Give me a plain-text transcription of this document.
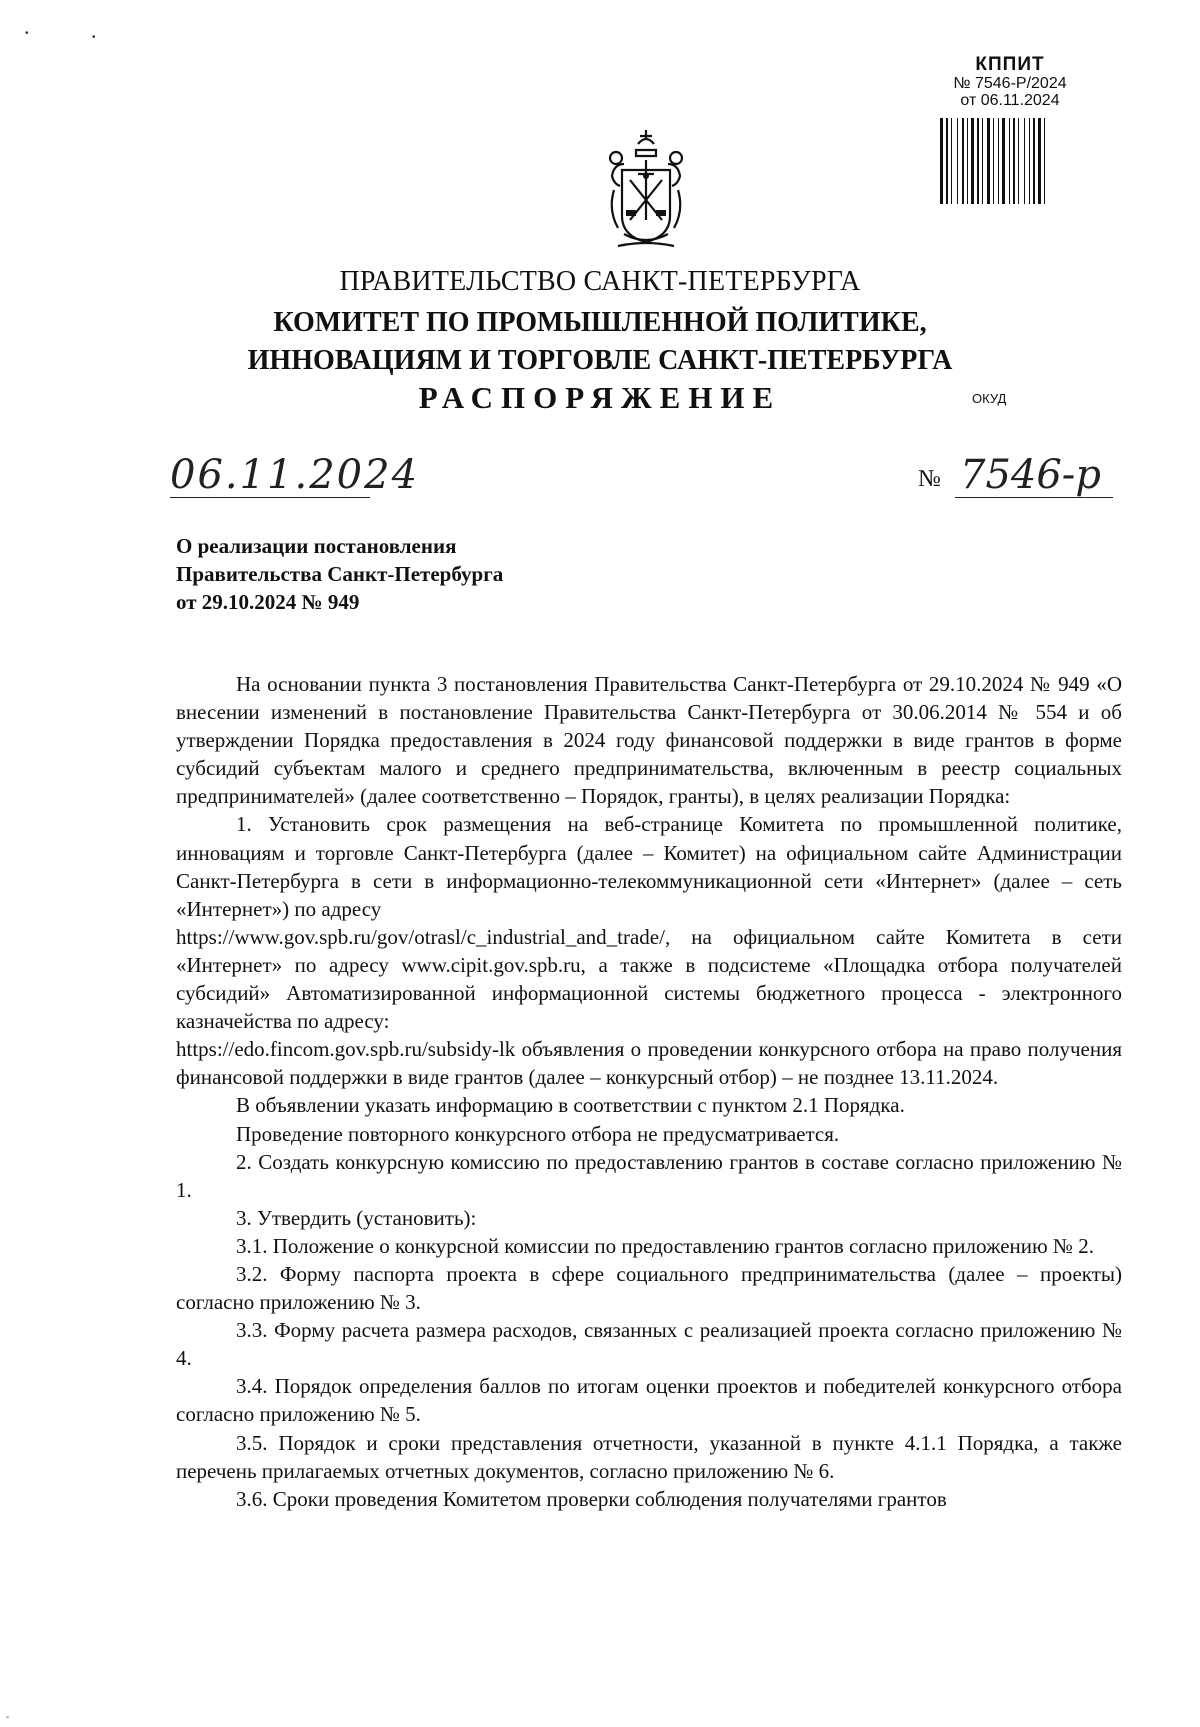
•	•
КППИТ
№ 7546-Р/2024
от 06.11.2024
ПРАВИТЕЛЬСТВО САНКТ-ПЕТЕРБУРГА
КОМИТЕТ ПО ПРОМЫШЛЕННОЙ ПОЛИТИКЕ,
ИННОВАЦИЯМ И ТОРГОВЛЕ САНКТ-ПЕТЕРБУРГА
РАСПОРЯЖЕНИЕ	ОКУД
06.11.2024	№ 7546-р
О реализации постановления
Правительства Санкт-Петербурга
от 29.10.2024 № 949

На основании пункта 3 постановления Правительства Санкт-Петербурга от 29.10.2024 № 949 «О внесении изменений в постановление Правительства Санкт-Петербурга от 30.06.2014 № 554 и об утверждении Порядка предоставления в 2024 году финансовой поддержки в виде грантов в форме субсидий субъектам малого и среднего предпринимательства, включенным в реестр социальных предпринимателей» (далее соответственно – Порядок, гранты), в целях реализации Порядка:

1. Установить срок размещения на веб-странице Комитета по промышленной политике, инновациям и торговле Санкт-Петербурга (далее – Комитет) на официальном сайте Администрации Санкт-Петербурга в сети в информационно-телекоммуникационной сети «Интернет» (далее – сеть «Интернет») по адресу

https://www.gov.spb.ru/gov/otrasl/c_industrial_and_trade/, на официальном сайте Комитета в сети «Интернет» по адресу www.cipit.gov.spb.ru, а также в подсистеме «Площадка отбора получателей субсидий» Автоматизированной информационной системы бюджетного процесса - электронного казначейства по адресу:

https://edo.fincom.gov.spb.ru/subsidy-lk объявления о проведении конкурсного отбора на право получения финансовой поддержки в виде грантов (далее – конкурсный отбор) – не позднее 13.11.2024.

В объявлении указать информацию в соответствии с пунктом 2.1 Порядка.

Проведение повторного конкурсного отбора не предусматривается.

2. Создать конкурсную комиссию по предоставлению грантов в составе согласно приложению № 1.

3. Утвердить (установить):

3.1. Положение о конкурсной комиссии по предоставлению грантов согласно приложению № 2.

3.2. Форму паспорта проекта в сфере социального предпринимательства (далее – проекты) согласно приложению № 3.

3.3. Форму расчета размера расходов, связанных с реализацией проекта согласно приложению № 4.

3.4. Порядок определения баллов по итогам оценки проектов и победителей конкурсного отбора согласно приложению № 5.

3.5. Порядок и сроки представления отчетности, указанной в пункте 4.1.1 Порядка, а также перечень прилагаемых отчетных документов, согласно приложению № 6.

3.6. Сроки проведения Комитетом проверки соблюдения получателями грантов

-
